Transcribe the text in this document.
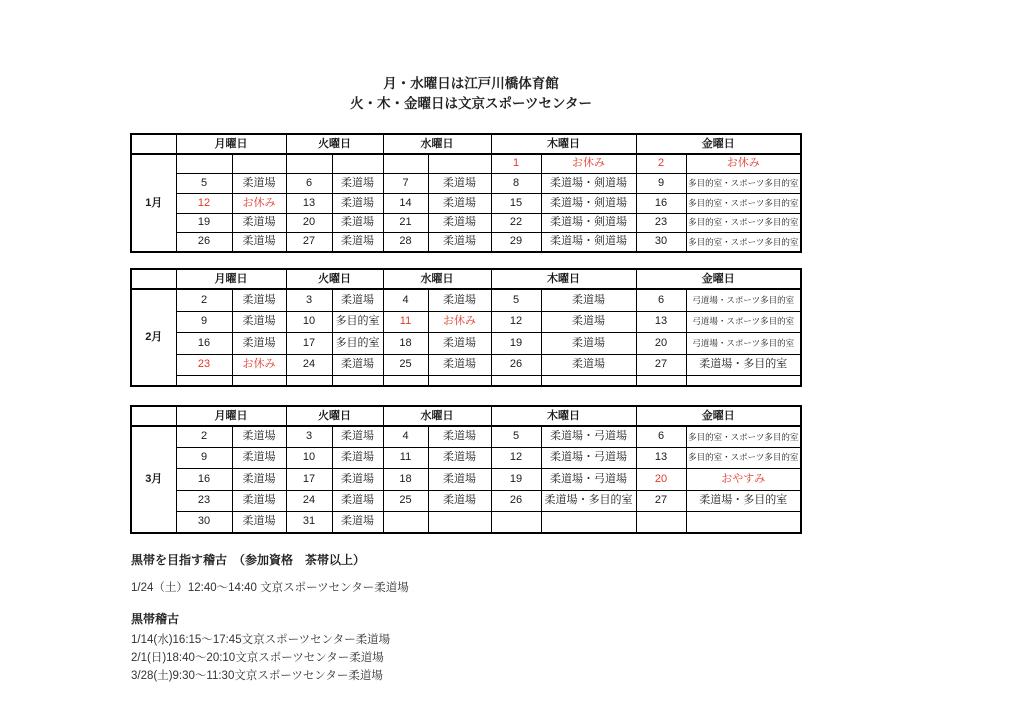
月・水曜日は江戸川橋体育館
火・木・金曜日は文京スポーツセンター
	月曜日		火曜日		水曜日		木曜日		金曜日	
1月							1	お休み	2	お休み
	5	柔道場	6	柔道場	7	柔道場	8	柔道場・剣道場	9	多目的室・スポーツ多目的室
	12	お休み	13	柔道場	14	柔道場	15	柔道場・剣道場	16	多目的室・スポーツ多目的室
	19	柔道場	20	柔道場	21	柔道場	22	柔道場・剣道場	23	多目的室・スポーツ多目的室
	26	柔道場	27	柔道場	28	柔道場	29	柔道場・剣道場	30	多目的室・スポーツ多目的室
	月曜日		火曜日		水曜日		木曜日		金曜日	
2月	2	柔道場	3	柔道場	4	柔道場	5	柔道場	6	弓道場・スポーツ多目的室
	9	柔道場	10	多目的室	11	お休み	12	柔道場	13	弓道場・スポーツ多目的室
	16	柔道場	17	多目的室	18	柔道場	19	柔道場	20	弓道場・スポーツ多目的室
	23	お休み	24	柔道場	25	柔道場	26	柔道場	27	柔道場・多目的室

	月曜日		火曜日		水曜日		木曜日		金曜日	
3月	2	柔道場	3	柔道場	4	柔道場	5	柔道場・弓道場	6	多目的室・スポーツ多目的室
	9	柔道場	10	柔道場	11	柔道場	12	柔道場・弓道場	13	多目的室・スポーツ多目的室
	16	柔道場	17	柔道場	18	柔道場	19	柔道場・弓道場	20	おやすみ
	23	柔道場	24	柔道場	25	柔道場	26	柔道場・多目的室	27	柔道場・多目的室
	30	柔道場	31	柔道場						
黒帯を目指す稽古　（参加資格　茶帯以上）
1/24（土）12:40～14:40 文京スポーツセンター柔道場
黒帯稽古
1/14(水)16:15～17:45文京スポーツセンター柔道場
2/1(日)18:40～20:10文京スポーツセンター柔道場
3/28(土)9:30～11:30文京スポーツセンター柔道場
